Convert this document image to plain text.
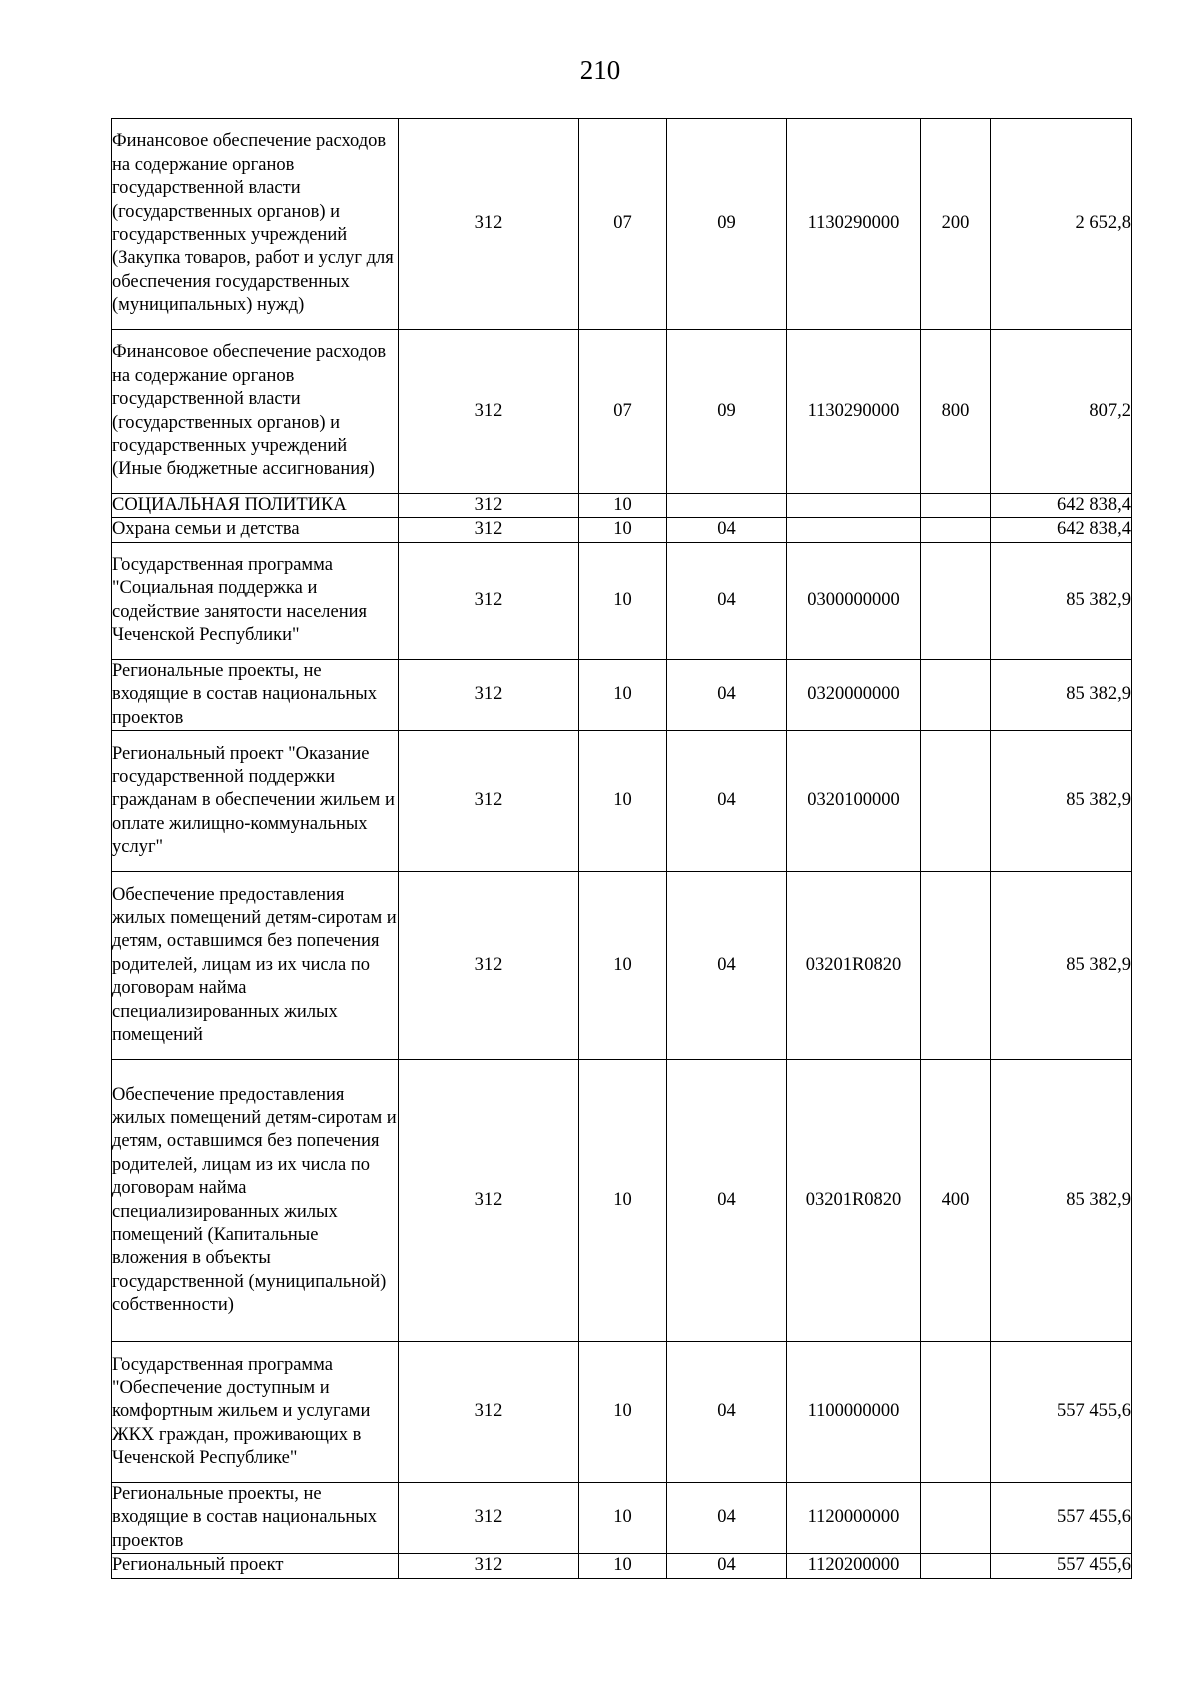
210
Финансовое обеспечение расходов на содержание органов государственной власти (государственных органов) и государственных учреждений (Закупка товаров, работ и услуг для обеспечения государственных (муниципальных) нужд)	312	07	09	1130290000	200	2 652,8
Финансовое обеспечение расходов на содержание органов государственной власти (государственных органов) и государственных учреждений (Иные бюджетные ассигнования)	312	07	09	1130290000	800	807,2
СОЦИАЛЬНАЯ ПОЛИТИКА	312	10				642 838,4
Охрана семьи и детства	312	10	04			642 838,4
Государственная программа "Социальная поддержка и содействие занятости населения Чеченской Республики"	312	10	04	0300000000		85 382,9
Региональные проекты, не входящие в состав национальных проектов	312	10	04	0320000000		85 382,9
Региональный проект "Оказание государственной поддержки гражданам в обеспечении жильем и оплате жилищно-коммунальных услуг"	312	10	04	0320100000		85 382,9
Обеспечение предоставления жилых помещений детям-сиротам и детям, оставшимся без попечения родителей, лицам из их числа по договорам найма специализированных жилых помещений	312	10	04	03201R0820		85 382,9
Обеспечение предоставления жилых помещений детям-сиротам и детям, оставшимся без попечения родителей, лицам из их числа по договорам найма специализированных жилых помещений (Капитальные вложения в объекты государственной (муниципальной) собственности)	312	10	04	03201R0820	400	85 382,9
Государственная программа "Обеспечение доступным и комфортным жильем и услугами ЖКХ граждан, проживающих в Чеченской Республике"	312	10	04	1100000000		557 455,6
Региональные проекты, не входящие в состав национальных проектов	312	10	04	1120000000		557 455,6
Региональный проект	312	10	04	1120200000		557 455,6
